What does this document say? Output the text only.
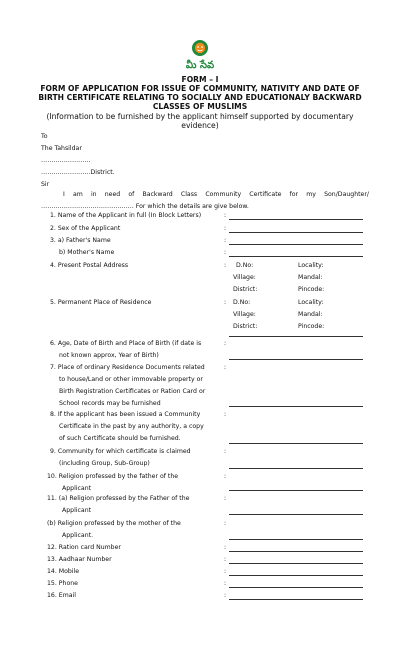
మీ సేవ
FORM – I
FORM OF APPLICATION FOR ISSUE OF COMMUNITY, NATIVITY AND DATE OF BIRTH CERTIFICATE RELATING TO SOCIALLY AND EDUCATIONALY BACKWARD CLASSES OF MUSLIMS
(Information to be furnished by the applicant himself supported by documentary evidence)
To
The Tahsildar
……………………
……………………District.
Sir
I am in need of Backward Class Community Certificate for my Son/Daughter/ ……………………………………… For which the details are give below.
1. Name of the Applicant in full (In Block Letters)	:
2. Sex of the Applicant	:
3. a) Father's Name	:
b) Mother's Name	:
4. Present Postal Address	: D.No:	Locality:
Village:	Mandal:
District:	Pincode:
5. Permanent Place of Residence	: D.No:	Locality:
Village:	Mandal:
District:	Pincode:
6. Age, Date of Birth and Place of Birth (if date is
not known approx, Year of Birth)
:
7. Place of ordinary Residence Documents related
to house/Land or other immovable property or
Birth Registration Certificates or Ration Card or
School records may be furnished
:
8. If the applicant has been issued a Community
Certificate in the past by any authority, a copy
of such Certificate should be furnished.
:
9. Community for which certificate is claimed
(including Group, Sub-Group)
:
10. Religion professed by the father of the
Applicant
:
11. (a) Religion professed by the Father of the
Applicant
:
(b) Religion professed by the mother of the
Applicant.
:
12. Ration card Number	:
13. Aadhaar Number	:
14. Mobile	:
15. Phone	:
16. Email	:
